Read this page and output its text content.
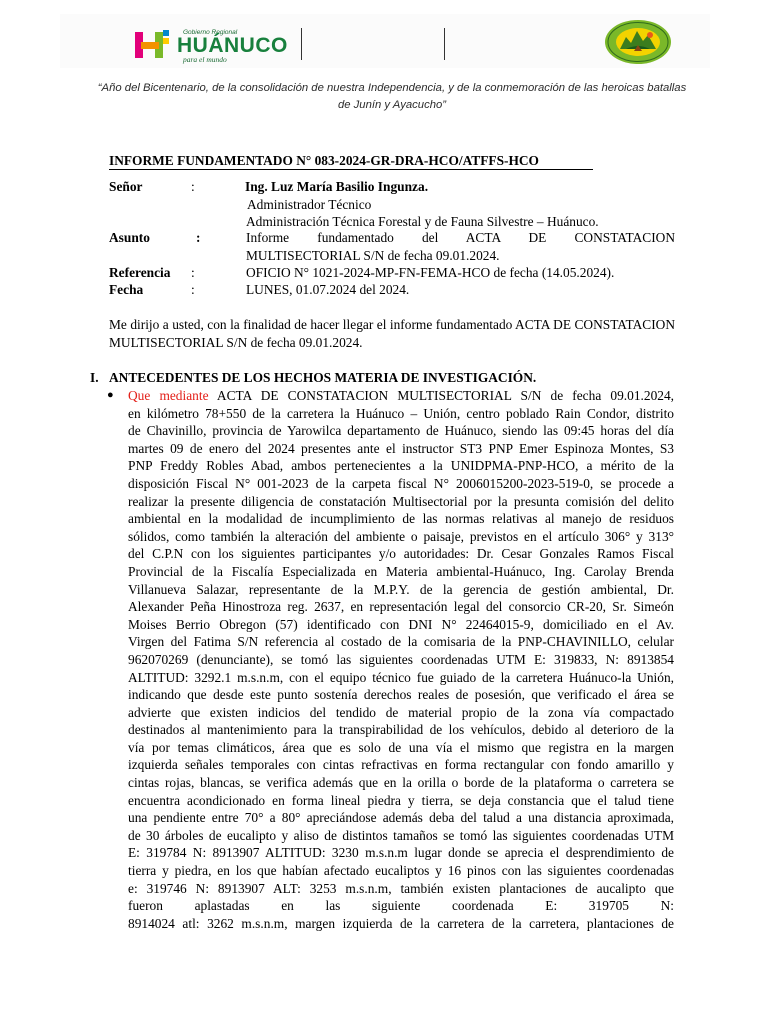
Gobierno Regional
HUÁNUCO
para el mundo
“Año del Bicentenario, de la consolidación de nuestra Independencia, y de la conmemoración de las heroicas batallas de Junín y Ayacucho”
INFORME FUNDAMENTADO N° 083-2024-GR-DRA-HCO/ATFFS-HCO
Señor	:	Ing. Luz María Basilio Ingunza.
Administrador Técnico
Administración Técnica Forestal y de Fauna Silvestre – Huánuco.
Asunto	:	Informe fundamentado del ACTA DE CONSTATACION
MULTISECTORIAL S/N de fecha 09.01.2024.
Referencia :	OFICIO N° 1021-2024-MP-FN-FEMA-HCO de fecha (14.05.2024).
Fecha	:	LUNES, 01.07.2024 del 2024.
Me dirijo a usted, con la finalidad de hacer llegar el informe fundamentado ACTA DE CONSTATACION MULTISECTORIAL S/N de fecha 09.01.2024.
I. ANTECEDENTES DE LOS HECHOS MATERIA DE INVESTIGACIÓN.
● Que mediante ACTA DE CONSTATACION MULTISECTORIAL S/N de fecha 09.01.2024,
en kilómetro 78+550 de la carretera la Huánuco – Unión, centro poblado Rain Condor, distrito
de Chavinillo, provincia de Yarowilca departamento de Huánuco, siendo las 09:45 horas del día
martes 09 de enero del 2024 presentes ante el instructor ST3 PNP Emer Espinoza Montes, S3
PNP Freddy Robles Abad, ambos pertenecientes a la UNIDPMA-PNP-HCO, a mérito de la
disposición Fiscal N° 001-2023 de la carpeta fiscal N° 2006015200-2023-519-0, se procede a
realizar la presente diligencia de constatación Multisectorial por la presunta comisión del delito
ambiental en la modalidad de incumplimiento de las normas relativas al manejo de residuos
sólidos, como también la alteración del ambiente o paisaje, previstos en el artículo 306° y 313°
del C.P.N con los siguientes participantes y/o autoridades: Dr. Cesar Gonzales Ramos Fiscal
Provincial de la Fiscalía Especializada en Materia ambiental-Huánuco, Ing. Carolay Brenda
Villanueva Salazar, representante de la M.P.Y. de la gerencia de gestión ambiental, Dr.
Alexander Peña Hinostroza reg. 2637, en representación legal del consorcio CR-20, Sr. Simeón
Moises Berrio Obregon (57) identificado con DNI N° 22464015-9, domiciliado en el Av.
Virgen del Fatima S/N referencia al costado de la comisaria de la PNP-CHAVINILLO, celular
962070269 (denunciante), se tomó las siguientes coordenadas UTM E: 319833, N: 8913854
ALTITUD: 3292.1 m.s.n.m, con el equipo técnico fue guiado de la carretera Huánuco-la Unión,
indicando que desde este punto sostenía derechos reales de posesión, que verificado el área se
advierte que existen indicios del tendido de material propio de la zona vía compactado
destinados al mantenimiento para la transpirabilidad de los vehículos, debido al deterioro de la
vía por temas climáticos, área que es solo de una vía el mismo que registra en la margen
izquierda señales temporales con cintas refractivas en forma rectangular con fondo amarillo y
cintas rojas, blancas, se verifica además que en la orilla o borde de la plataforma o carretera se
encuentra acondicionado en forma lineal piedra y tierra, se deja constancia que el talud tiene
una pendiente entre 70° a 80° apreciándose además deba del talud a una distancia aproximada,
de 30 árboles de eucalipto y aliso de distintos tamaños se tomó las siguientes coordenadas UTM
E: 319784 N: 8913907 ALTITUD: 3230 m.s.n.m lugar donde se aprecia el desprendimiento de
tierra y piedra, en los que habían afectado eucaliptos y 16 pinos con las siguientes coordenadas
e: 319746 N: 8913907 ALT: 3253 m.s.n.m, también existen plantaciones de aucalipto que
fueron aplastadas en las siguiente coordenada E: 319705 N:
8914024 atl: 3262 m.s.n.m, margen izquierda de la carretera de la carretera, plantaciones de
